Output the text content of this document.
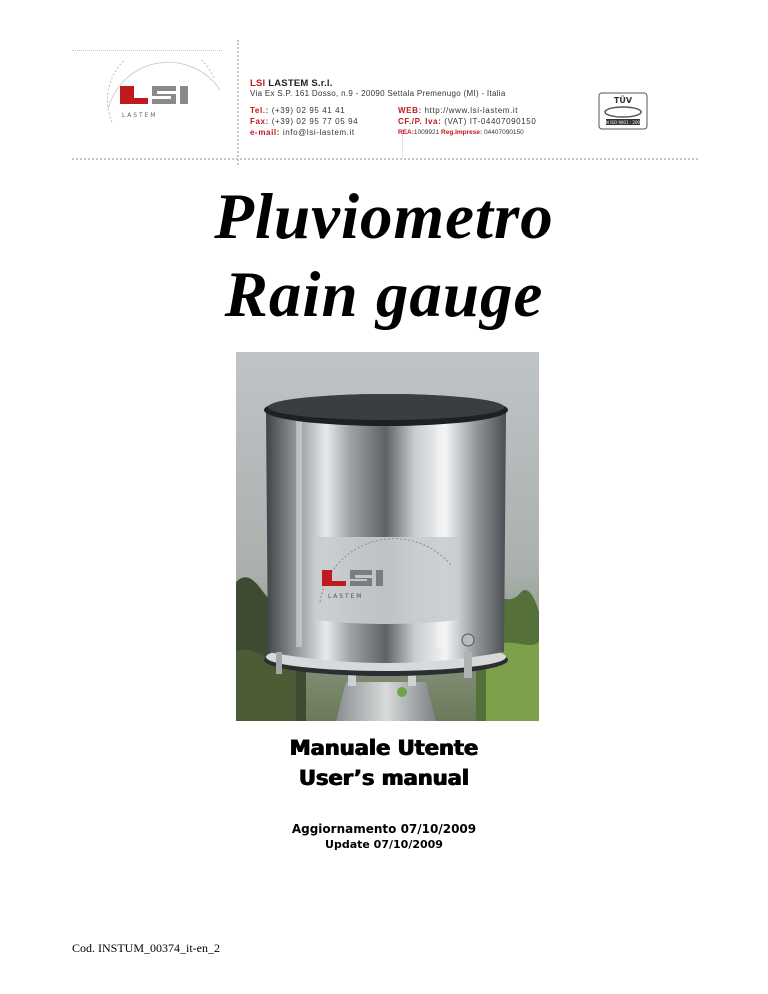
L A S T E M
LSI LASTEM S.r.l.
Via Ex S.P. 161 Dosso, n.9 - 20090 Settala Premenugo (MI) - Italia
Tel.: (+39) 02 95 41 41
Fax: (+39) 02 95 77 05 94
e-mail: info@lsi-lastem.it
WEB: http://www.lsi-lastem.it
CF./P. Iva: (VAT) IT-04407090150
REA:1009921 Reg.Imprese: 04407090150
TÜV
EN ISO 9001 : 2000
Pluviometro
Rain gauge
L A S T E M
Manuale Utente
User’s manual
Aggiornamento 07/10/2009
Update 07/10/2009
Cod. INSTUM_00374_it-en_2
